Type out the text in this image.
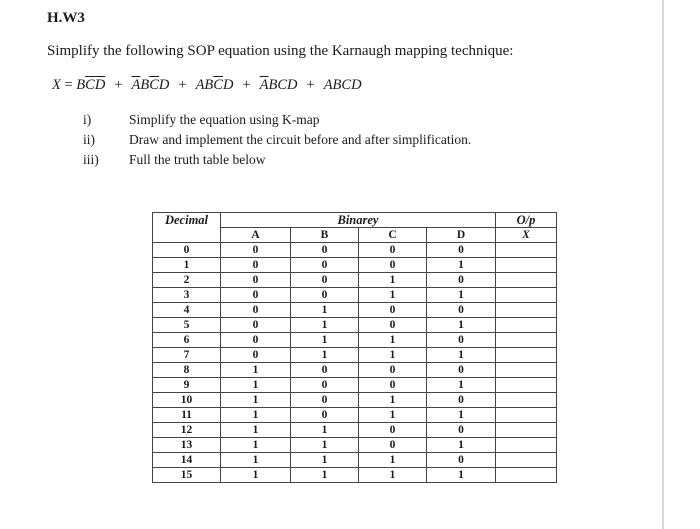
H.W3
Simplify the following SOP equation using the Karnaugh mapping technique:
$X = B\overline{C}\overline{D} + \overline{A}B\overline{C}D + AB\overline{C}D + \overline{A}BCD$ + ABCD
i)	Simplify the equation using K-map
ii)	Draw and implement the circuit before and after simplification.
iii)	Full the truth table below
Decimal	Binarey				O/p
	A	B	C	D	X
0	0	0	0	0	
1	0	0	0	1	
2	0	0	1	0	
3	0	0	1	1	
4	0	1	0	0	
5	0	1	0	1	
6	0	1	1	0	
7	0	1	1	1	
8	1	0	0	0	
9	1	0	0	1	
10	1	0	1	0	
11	1	0	1	1	
12	1	1	0	0	
13	1	1	0	1	
14	1	1	1	0	
15	1	1	1	1	
